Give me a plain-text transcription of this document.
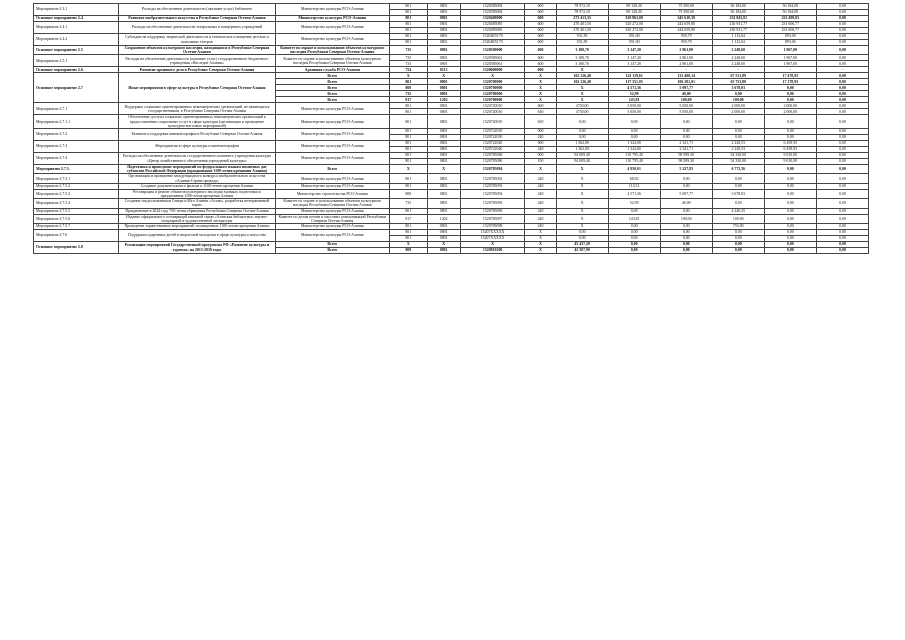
Мероприятие 2.3.1	Расходы на обеспечение деятельности (оказание услуг) библиотек	Министерство культуры РСО-Алания	801	0801	1520385084	600	78 972,10	89 128,30	75 500,00	56 184,00	56 184,00	0,00
			801	0801	1520385084	600	78 972,10	89 128,30	75 500,00	56 184,00	56 184,00	0,00
Основное мероприятие 2.4	Развитие изобразительного искусства в Республике Северная Осетия-Алания	Министерство культуры РСО-Алания	801	0801	1520400000	600	273 413,35	320 863,00	245 610,39	232 843,81	232 499,83	0,00
Мероприятие 2.4.1	Расходы на обеспечение деятельности театральных и концертных учреждений	Министерство культуры РСО-Алания	801	0801	1520485085	600	270 401,50	320 272,00	244 659,80	230 931,77	231 606,77	0,00
			801	0801	1520485085	600	270 401,50	320 272,00	244 659,80	230 931,77	231 606,77	0,00
Мероприятие 2.4.2	Субсидии на поддержку творческой деятельности и техническое оснащение детских и кукольных театров	Министерство культуры РСО-Алания	801	0801	15204R5170	600	931,85	591,00	950,79	1 112,04	893,06	0,00
			801	0801	15204R5170	600	931,85	591,00	950,79	1 112,04	893,06	0,00
Основное мероприятие 2.5	Сохранение объектов культурного наследия, находящихся в Республике Северная Осетия-Алания	Комитет по охране и использованию объектов культурного наследия Республики Северная Осетия-Алания	735	0801	1520500000	600	3 180,70	3 147,20	2 861,00	2 248,60	1 967,00	0,00
Мероприятие 2.5.1	Расходы на обеспечение деятельности (оказание услуг) государственного бюджетного учреждения «Наследие Алании»	Комитет по охране и использованию объектов культурного наследия Республики Северная Осетия-Алания	735	0801	1520585061	600	3 180,70	3 147,20	2 861,00	2 248,60	1 967,00	0,00
			735	0801	1520585061	600	3 180,70	3 147,20	2 861,00	2 248,60	1 967,00	0,00
Основное мероприятие 2.6.	Развитие архивного дела в Республике Северная Осетия-Алания	Архивная служба РСО-Алания	754	0113	1520600000	600	X	-	-	-	-	-
Основное мероприятие 2.7	Иные мероприятия в сфере культуры в Республике Северная Осетия-Алания	Всего	X	X	X	X	102 126,40	122 119,61	133 408,14	67 531,89	17 478,93	0,00
		Всего	801	0801	1520700000	X	102 126,40	117 351,05	106 281,01	63 753,80	17 178,93	0,00
		Всего	808	0801	1520700000	X	X	4 571,56	5 097,77	3 678,03	0,00	0,00
		Всего	735	0801	1520700000	X	X	52,99	40,00	0,00	0,00	0,00
		Всего	817	1202	1520700000	X	X	143,81	100,00	100,00	0,00	0,00
Мероприятие 2.7.1	Поддержка социально ориентированных некоммерческих организаций, не являющихся государственными, в Республике Северная Осетия-Алания	Министерство культуры РСО-Алания	801	0801	1520720010	600	4750,00	5 050,00	5 050,00	2 000,00	2 000,00	0,00
			801	0801	1520720010	630	4750,00	5 050,00	5 050,00	2 000,00	2 000,00	0,00
Мероприятие 2.7.1.1	Обеспечение доступа социально ориентированных некоммерческих организаций к предоставлению социальных услуг в сфере культуры (организация и проведение культурно-массовых мероприятий)	Министерство культуры РСО-Алания	801	0801	1520720010	630	0,00	0,00	0,00	0,00	0,00	0,00
Мероприятие 2.7.2	Развитие и поддержка кинематографии в Республике Северная Осетия-Алания	Министерство культуры РСО-Алания	801	0801	1520722030	000	0,00	0,00	0,00	0,00	0,00	0,00
			801	0801	1520722030	240	0,00	0,00	0,00	0,00	0,00	0,00
Мероприятие 2.7.3	Мероприятия в сфере культуры и кинематографии	Министерство культуры РСО-Алания	801	0801	1520722040	000	1 362,00	1 324,00	2 341,71	2 228,53	6 458,93	0,00
			801	0801	1520722040	240	1 362,00	1 324,00	2 341,71	2 228,53	6 458,93	0,00
Мероприятие 2.7.4	Расходы на обеспечение деятельности государственного казенного учреждения культуры «Центр хозяйственного обеспечения учреждений культуры»	Министерство культуры РСО-Алания	801	0801	1520785086	000	94 009,40	110 795,40	98 589,30	54 330,00	9 010,00	0,00
			801	0801	1520785086	100	94 009,40	110 795,40	98 589,30	54 330,00	9 010,00	0,00
Мероприятие 2.7.5.	Подготовка и проведение мероприятий по федеральным планам памятных дат субъектов Российской Федерации (празднование 1100-летия крещения Алании)	Всего	X	X	1520785094	X	X	4 950,01	5 227,83	6 773,36	0,00	0,00
Мероприятие 2.7.5.1	Организация и проведение международного конкурса изобразительного искусства «Алания-Страна прихода»	Министерство культуры РСО-Алания	801	0801	1520785092	240	X	68,82	0,00	0,00	0,00	0,00
Мероприятие 2.7.5.2	Создание документального фильма к 1100-летию крещения Алании	Министерство культуры РСО-Алания	801	0801	1520785093	240	X	113,51	0,00	0,00	0,00	0,00
Мероприятие 2.7.5.3	Реставрация и ремонт объектов культурного наследия в рамках подготовки и празднования 1100-летия крещения Алании	Министерство строительства РСО-Алания	808	0801	1520785094	240	X	4 571,56	5 097,77	3 678,03	0,00	0,00
Мероприятие 2.7.5.4	Создание свода памятников Севера и Юга Алании «Асхан», разработка интерактивной карты	Комитет по охране и использованию объектов культурного наследия Республики Северная Осетия-Алания	735	0801	1520785095	240	X	52,99	40,00	0,00	0,00	0,00
Мероприятие 2.7.5.5	Празднование в 2024 году 700-летия обращения Республики Северная Осетия-Алания	Министерство культуры РСО-Алания	801	0801	1520785096	240	X	0,00	0,00	4 240,35	0,00	0,00
Мероприятие 2.7.5.6	Издание официального сотоварищей книжной серии «Аланская библиотека» научно-популярной и художественной литературы	Комитет по делам печати и массовых коммуникаций Республики Северная Осетия-Алания	817	1202	1520785097	240	X	143,81	100,00	100,00	0,00	0,00
Мероприятие 2.7.5.7	Проведение торжественных мероприятий, посвященных 1100 летию крещения Алании	Министерство культуры РСО-Алания	801	0801	1520785098	240	X	0,00	0,00	755,00	0,00	0,00
Мероприятие 2.7.6	Поддержка одаренных детей и творческой молодежи в сфере культуры и искусства	Министерство культуры РСО-Алания	801	0801	15207XXXXX	X	0,00	0,00	0,00	0,00	0,00	0,00
			801	0801	15207XXXXX	X	0,00	0,00	0,00	0,00	0,00	0,00
Основное мероприятие 2.8	Реализация мероприятий Государственной программы РФ «Развитие культуры и туризма» на 2013-2030 годы	Всего	X	X	X	X	45 437,20	0,00	0,00	0,00	0,00	0,00
		Всего	808	0801	1520810200	X	42 507,90	0,00	0,00	0,00	0,00	0,00
